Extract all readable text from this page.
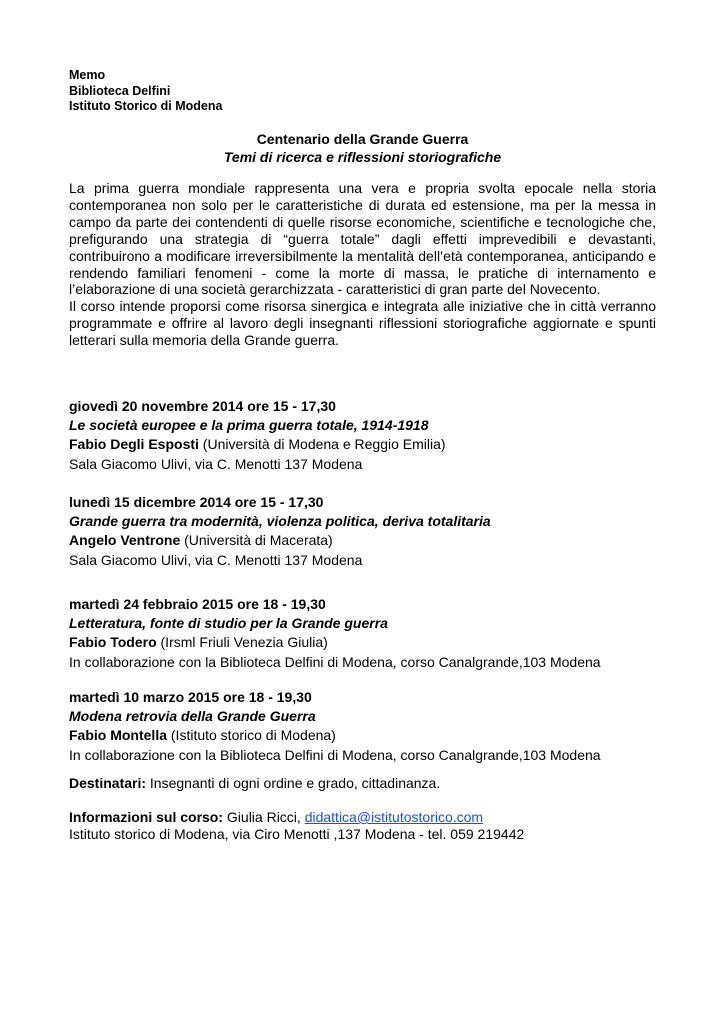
Memo
Biblioteca Delfini
Istituto Storico di Modena
Centenario della Grande Guerra
Temi di ricerca e riflessioni storiografiche

La prima guerra mondiale rappresenta una vera e propria svolta epocale nella storia contemporanea non solo per le caratteristiche di durata ed estensione, ma per la messa in campo da parte dei contendenti di quelle risorse economiche, scientifiche e tecnologiche che, prefigurando una strategia di “guerra totale” dagli effetti imprevedibili e devastanti, contribuirono a modificare irreversibilmente la mentalità dell’età contemporanea, anticipando e rendendo familiari fenomeni - come la morte di massa, le pratiche di internamento e l’elaborazione di una società gerarchizzata - caratteristici di gran parte del Novecento.

Il corso intende proporsi come risorsa sinergica e integrata alle iniziative che in città verranno programmate e offrire al lavoro degli insegnanti riflessioni storiografiche aggiornate e spunti letterari sulla memoria della Grande guerra.

giovedì 20 novembre 2014 ore 15 - 17,30
Le società europee e la prima guerra totale, 1914-1918
Fabio Degli Esposti (Università di Modena e Reggio Emilia)
Sala Giacomo Ulivi, via C. Menotti 137 Modena
lunedì 15 dicembre 2014 ore 15 - 17,30
Grande guerra tra modernità, violenza politica, deriva totalitaria
Angelo Ventrone (Università di Macerata)
Sala Giacomo Ulivi, via C. Menotti 137 Modena
martedì 24 febbraio 2015 ore 18 - 19,30
Letteratura, fonte di studio per la Grande guerra
Fabio Todero (Irsml Friuli Venezia Giulia)
In collaborazione con la Biblioteca Delfini di Modena, corso Canalgrande,103 Modena
martedì 10 marzo 2015 ore 18 - 19,30
Modena retrovia della Grande Guerra
Fabio Montella (Istituto storico di Modena)
In collaborazione con la Biblioteca Delfini di Modena, corso Canalgrande,103 Modena
Destinatari: Insegnanti di ogni ordine e grado, cittadinanza.
Informazioni sul corso: Giulia Ricci, didattica@istitutostorico.com
Istituto storico di Modena, via Ciro Menotti ,137 Modena - tel. 059 219442
